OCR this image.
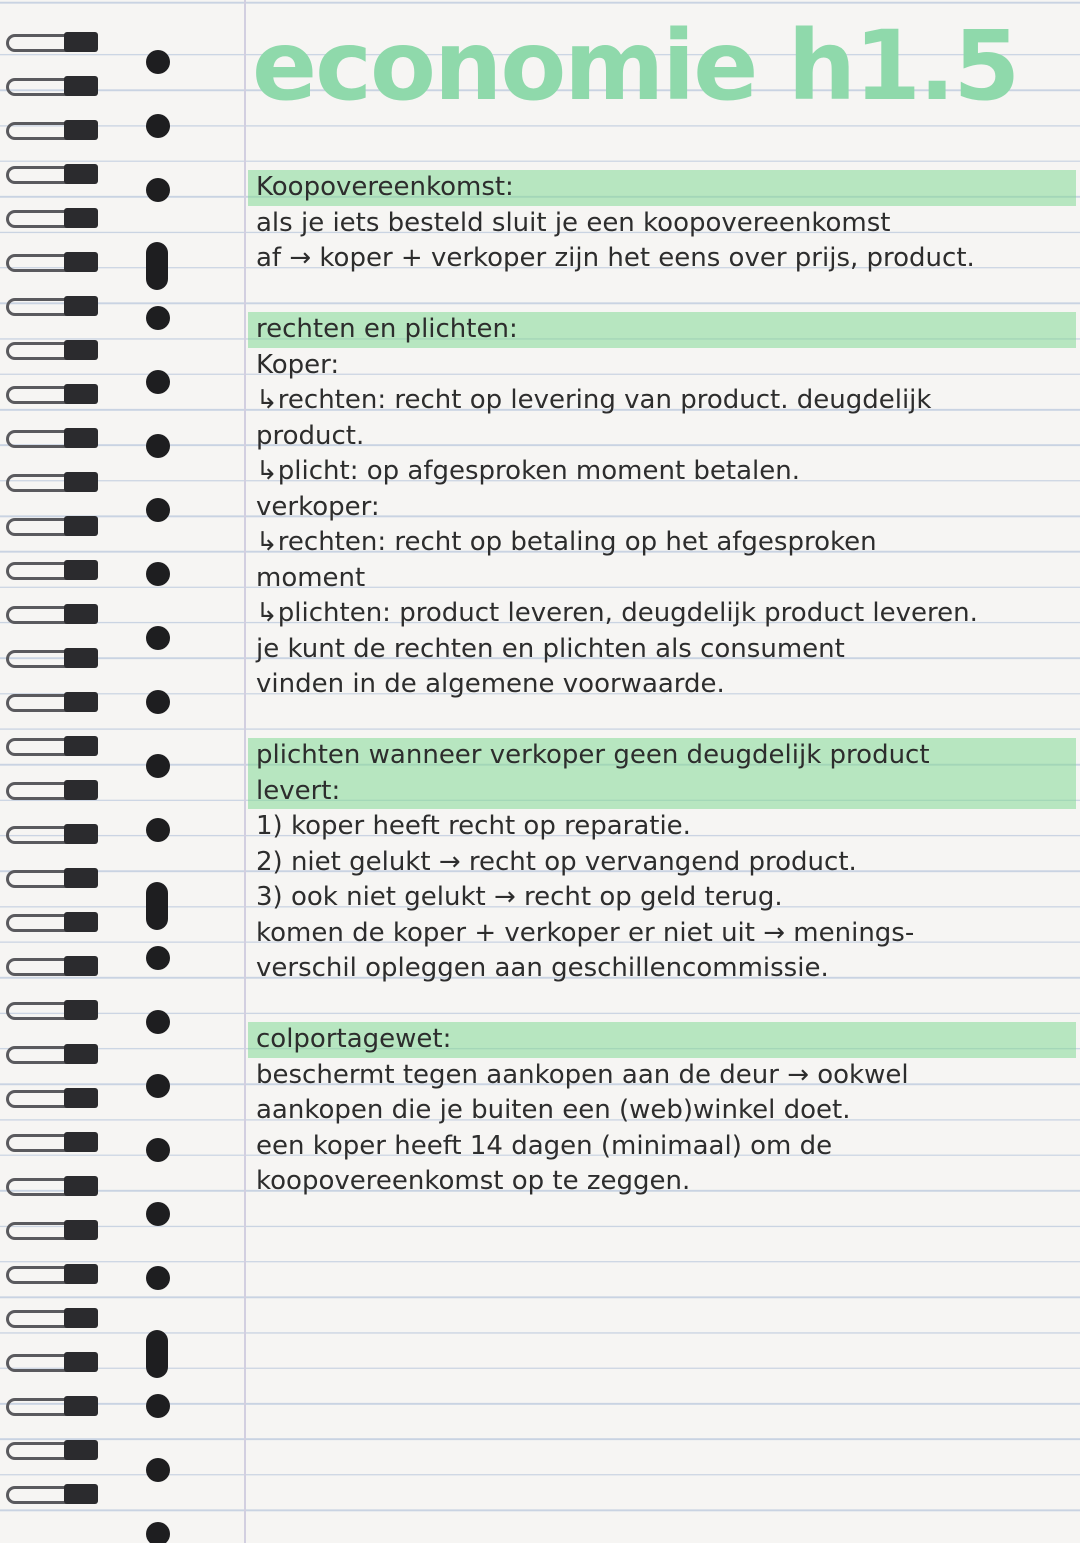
economie h1.5
Koopovereenkomst:
als je iets besteld sluit je een koopovereenkomst
af → koper + verkoper zijn het eens over prijs, product.
rechten en plichten:
Koper:
↳rechten: recht op levering van product. deugdelijk
product.
↳plicht: op afgesproken moment betalen.
verkoper:
↳rechten: recht op betaling op het afgesproken
moment
↳plichten: product leveren, deugdelijk product leveren.
je kunt de rechten en plichten als consument
vinden in de algemene voorwaarde.
plichten wanneer verkoper geen deugdelijk product
levert:
1) koper heeft recht op reparatie.
2) niet gelukt → recht op vervangend product.
3) ook niet gelukt → recht op geld terug.
komen de koper + verkoper er niet uit → menings-
verschil opleggen aan geschillencommissie.
colportagewet:
beschermt tegen aankopen aan de deur → ookwel
aankopen die je buiten een (web)winkel doet.
een koper heeft 14 dagen (minimaal) om de
koopovereenkomst op te zeggen.
